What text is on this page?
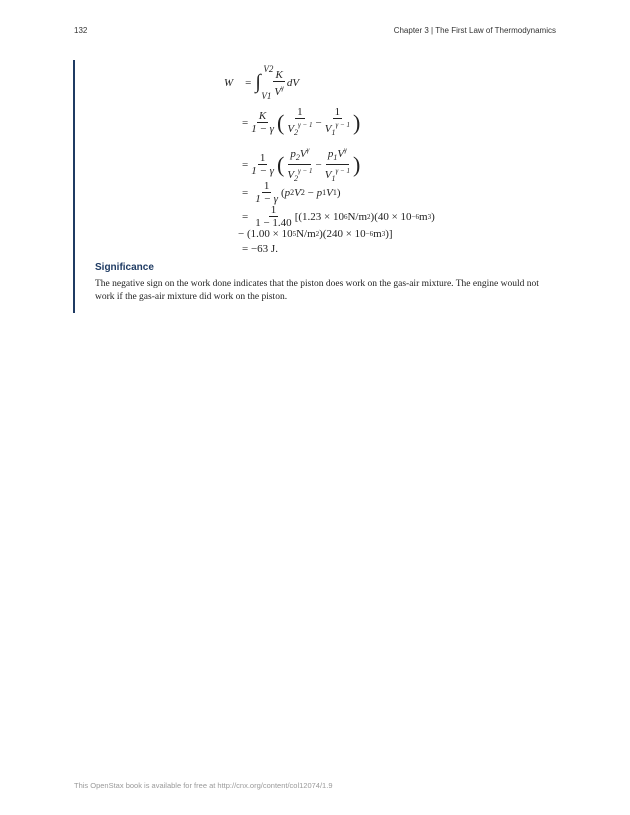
132	Chapter 3 | The First Law of Thermodynamics
W = ∫
V2
$V1 \frac{K}{V^\gamma}$ dV
= $\frac{K}{1 - \gamma}$ ( $\frac{1}{V_2^{\gamma - 1}} - \frac{1}{V_1^{\gamma - 1}}$ )
= $\frac{1}{1 - \gamma}$ ( $\frac{p_2V^\gamma}{V_2^{\gamma - 1}} - \frac{p_1V^\gamma}{V_1^{\gamma - 1}}$ )
= $\frac{1}{1 - \gamma}$ ( p 2 V 2
−
p 1 V 1 )
= $\frac{1}{1 - 1.40} [(1.23 \times 10$ 6 N/m 2 )(40 × 10 −6 m 3 )
− (1.00 × 10 5 N/m 2 )(240 × 10 −6 m 3 )]
= −63 J.
Significance
The negative sign on the work done indicates that the piston does work on the gas-air mixture. The engine would not work if the gas-air mixture did work on the piston.
This OpenStax book is available for free at http://cnx.org/content/col12074/1.9
